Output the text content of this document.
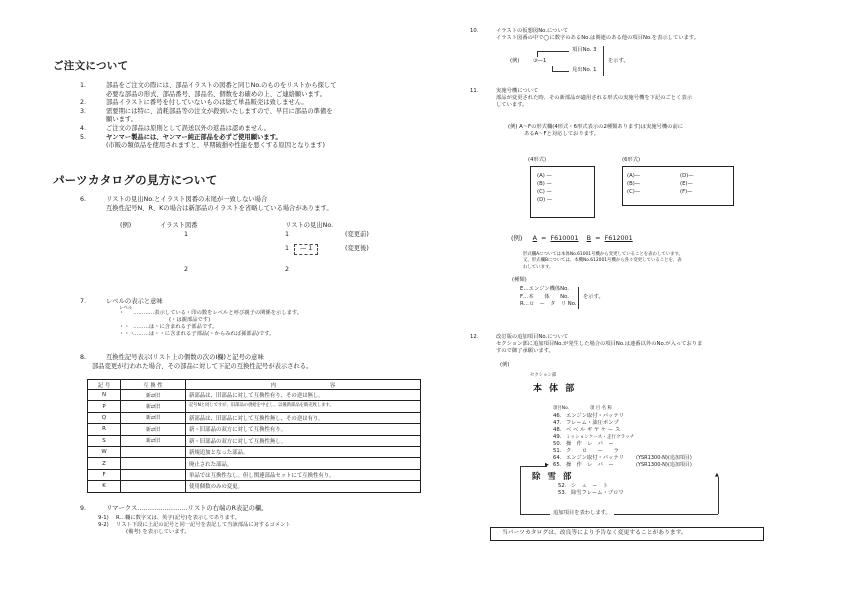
ご注文について
1.	部品をご注文の際には、部品イラストの図番と同じNo.のものをリストから探して
必要な部品の形式、部品番号、部品名、個数をお確めの上、ご連絡願います。
2.	部品イラストに番号を付していないものは総て単品販売は致しません。
3.	需要期には特に、消耗部品等の注文が殺到いたしますので、早目に部品の準備を
願います。
4.	ご注文の部品は原則として誤送以外の返品は認めません。
5.	ヤンマー製品には、ヤンマー純正部品を必ずご使用願います。
(市販の類似品を使用されますと、早期破損や性能を悪くする原因となります)
パーツカタログの見方について
6.	リストの見出No.とイラスト図番の末尾が一致しない場合
互換性記号N、R、Kの場合は新部品のイラストを省略している場合があります。
(例)	イラスト図番	リストの見出No.
1	1	(変更前)
1	— 1	(変更後)
2	2
7.	レベルの表示と意味
レベル
・ …………表示している・印の数をレベルと呼び親子の関係を示します。
(・は親部品です)
・・ ………は・に含まれる子部品です。
・・・………は・・に含まれる子部品(・からみれば孫部品)です。
8.	互換性記号表示(リスト上の個数の次のⅠ欄)と記号の意味
部品変更が行われた場合、その部品に対して下記の互換性記号が表示される。
記 号	互 換 性	内　　　　　　　　　　容
N	新⇄旧	新部品は、旧部品に対して互換性有り、その逆は無し。
P	新⇄旧	記号Nと同じですが、旧部品の供給を中止し、以後新部品を販売致します。
Q	新⇄旧	新部品は、旧部品に対して互換性無し、その逆は有り。
R	新⇄旧	新・旧部品の双方に対して互換性有り。
S	新⇄旧	新・旧部品の双方に対して互換性無し。
W		新規追加となった部品。
Z		廃止された部品。
F		単品では互換性なし。但し関連部品セットにて互換性有り。
K		使用個数のみの変更。
9.	リマークス……………………リストの右端のR表記の欄。
9-1) R…欄に数字又は、英字(記号)を表示してあります。
9-2) リスト下段に上記の記号と同一記号を表記して当該部品に対するコメント
(備考) を表示しています。
10.	イラストの仮想図No.について
イラスト図番の中で◯に数字のあるNo.は関連のある他の項目No.を表示しています。
(例)	③—1
項目No. 3
見出No. 1
を示す。
11.	実施号機について
部品が変更された時、その新部品が適用される形式の実施号機を下記のごとく表示
しています。
(例) A～Fの形式欄(4形式・6形式表示の2種類あります)は実施号機の前に
あるA～Fと対応しております。
(4形式)
(A) —
(B) —
(C) —
(D) —
(6形式)
(A)—
(B)—
(C)—
(D)—
(E)—
(F)—
(例) A = F610001 B = F612001
形式欄Aについては本体No.61001号機から変更していることを表わしています。
又、形式欄Bについては、本機No.612001号機から各々変更していることを、表
わしています。
(種類)
E…エンジン機体No.
F…本　　体　　No.
R…ロ　ー　タ　リ No.
を示す。
12.	改訂版の追加項目No.について
セクション部に追加項目No.が発生した場合の項目No.は連番以外のNo.が入っておりま
すので御了承願います。
(例)
セクション部
本 体 部
項目No.	項 目 名 称
46. エンジン取付・バッテリ
47. フレーム・油圧ポンプ
48. ベ ベ ル ギ ヤ ケ ー ス
49. ミッションケース・走行クラッチ
50. 操　作　レ　バ　ー
51. ク　　ロ　　ー　　ラ
64. エンジン取付・バッテリ (YSR1300-N)(追加項目)
65. 操　作　レ　バ　ー	(YSR1300-N)(追加項目)
除 雪 部
52. シ　ュ　ー　ト
53. 除雪フレーム・ブロワ
▶
追加項目を表わします。
▲
当パーツカタログは、改良等により予告なく変更することがあります。
